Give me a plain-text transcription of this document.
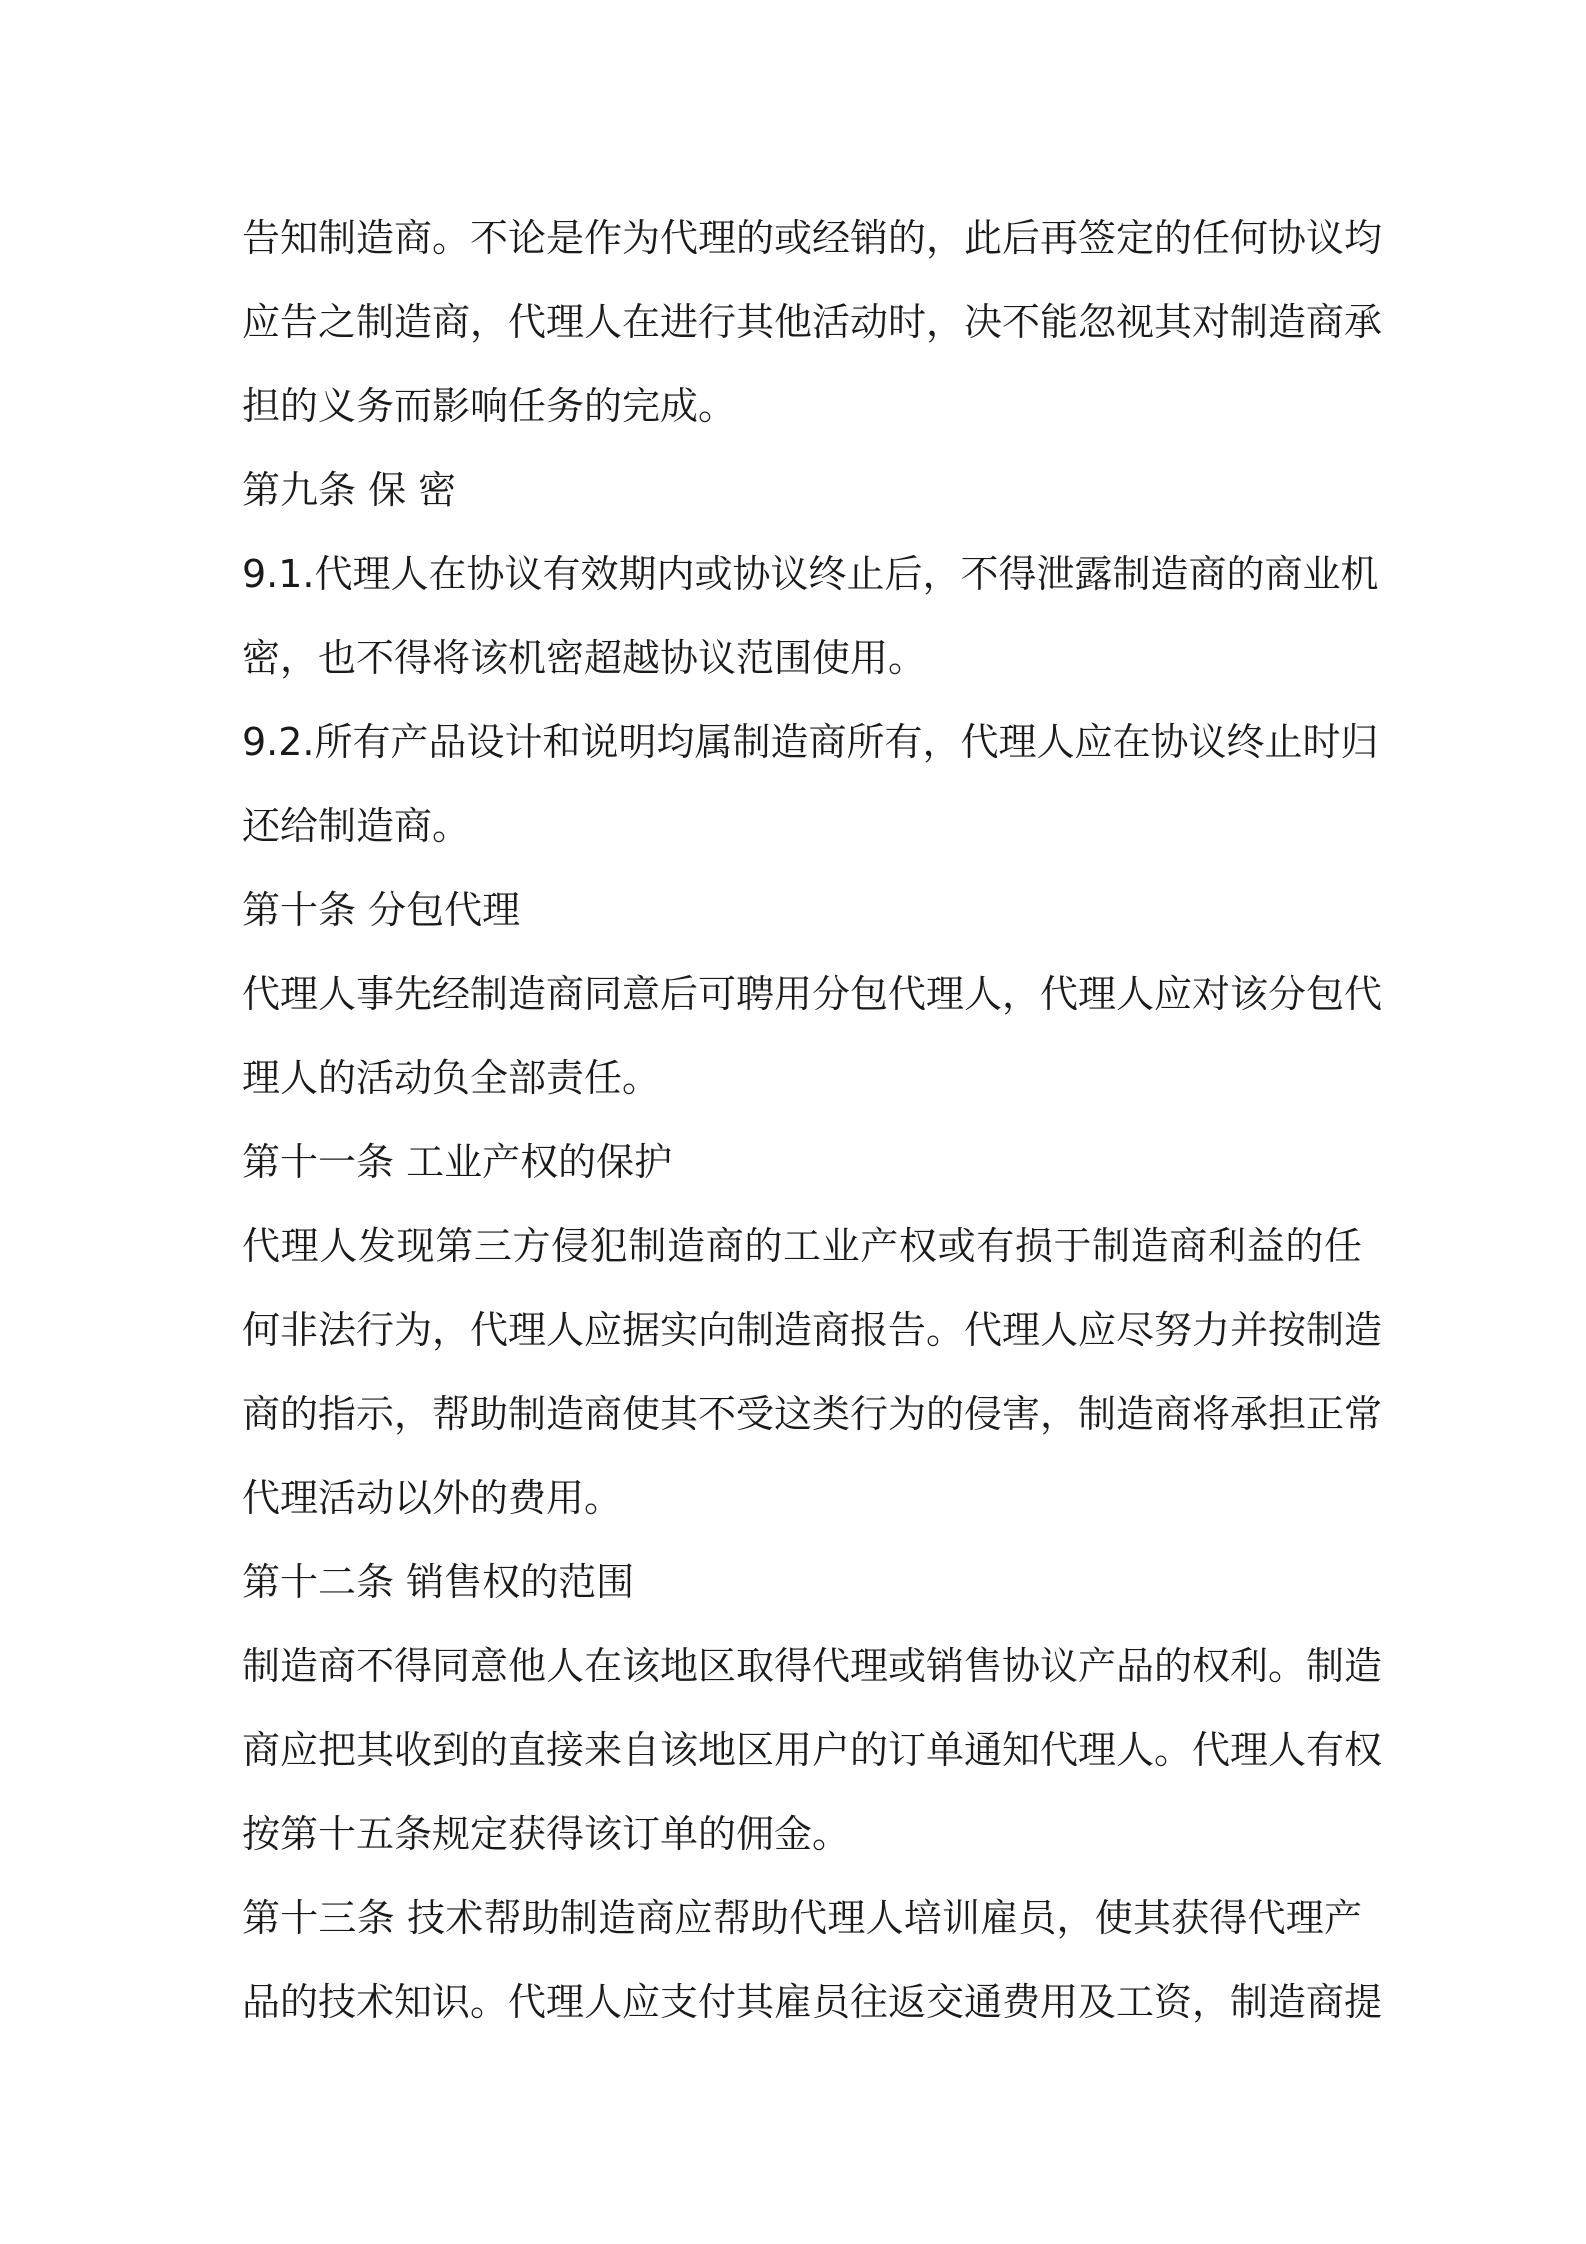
告知制造商。不论是作为代理的或经销的，此后再签定的任何协议均
应告之制造商，代理人在进行其他活动时，决不能忽视其对制造商承
担的义务而影响任务的完成。
第九条 保 密
9.1.代理人在协议有效期内或协议终止后，不得泄露制造商的商业机
密，也不得将该机密超越协议范围使用。
9.2.所有产品设计和说明均属制造商所有，代理人应在协议终止时归
还给制造商。
第十条 分包代理
代理人事先经制造商同意后可聘用分包代理人，代理人应对该分包代
理人的活动负全部责任。
第十一条 工业产权的保护
代理人发现第三方侵犯制造商的工业产权或有损于制造商利益的任
何非法行为，代理人应据实向制造商报告。代理人应尽努力并按制造
商的指示，帮助制造商使其不受这类行为的侵害，制造商将承担正常
代理活动以外的费用。
第十二条 销售权的范围
制造商不得同意他人在该地区取得代理或销售协议产品的权利。制造
商应把其收到的直接来自该地区用户的订单通知代理人。代理人有权
按第十五条规定获得该订单的佣金。
第十三条 技术帮助制造商应帮助代理人培训雇员，使其获得代理产
品的技术知识。代理人应支付其雇员往返交通费用及工资，制造商提
